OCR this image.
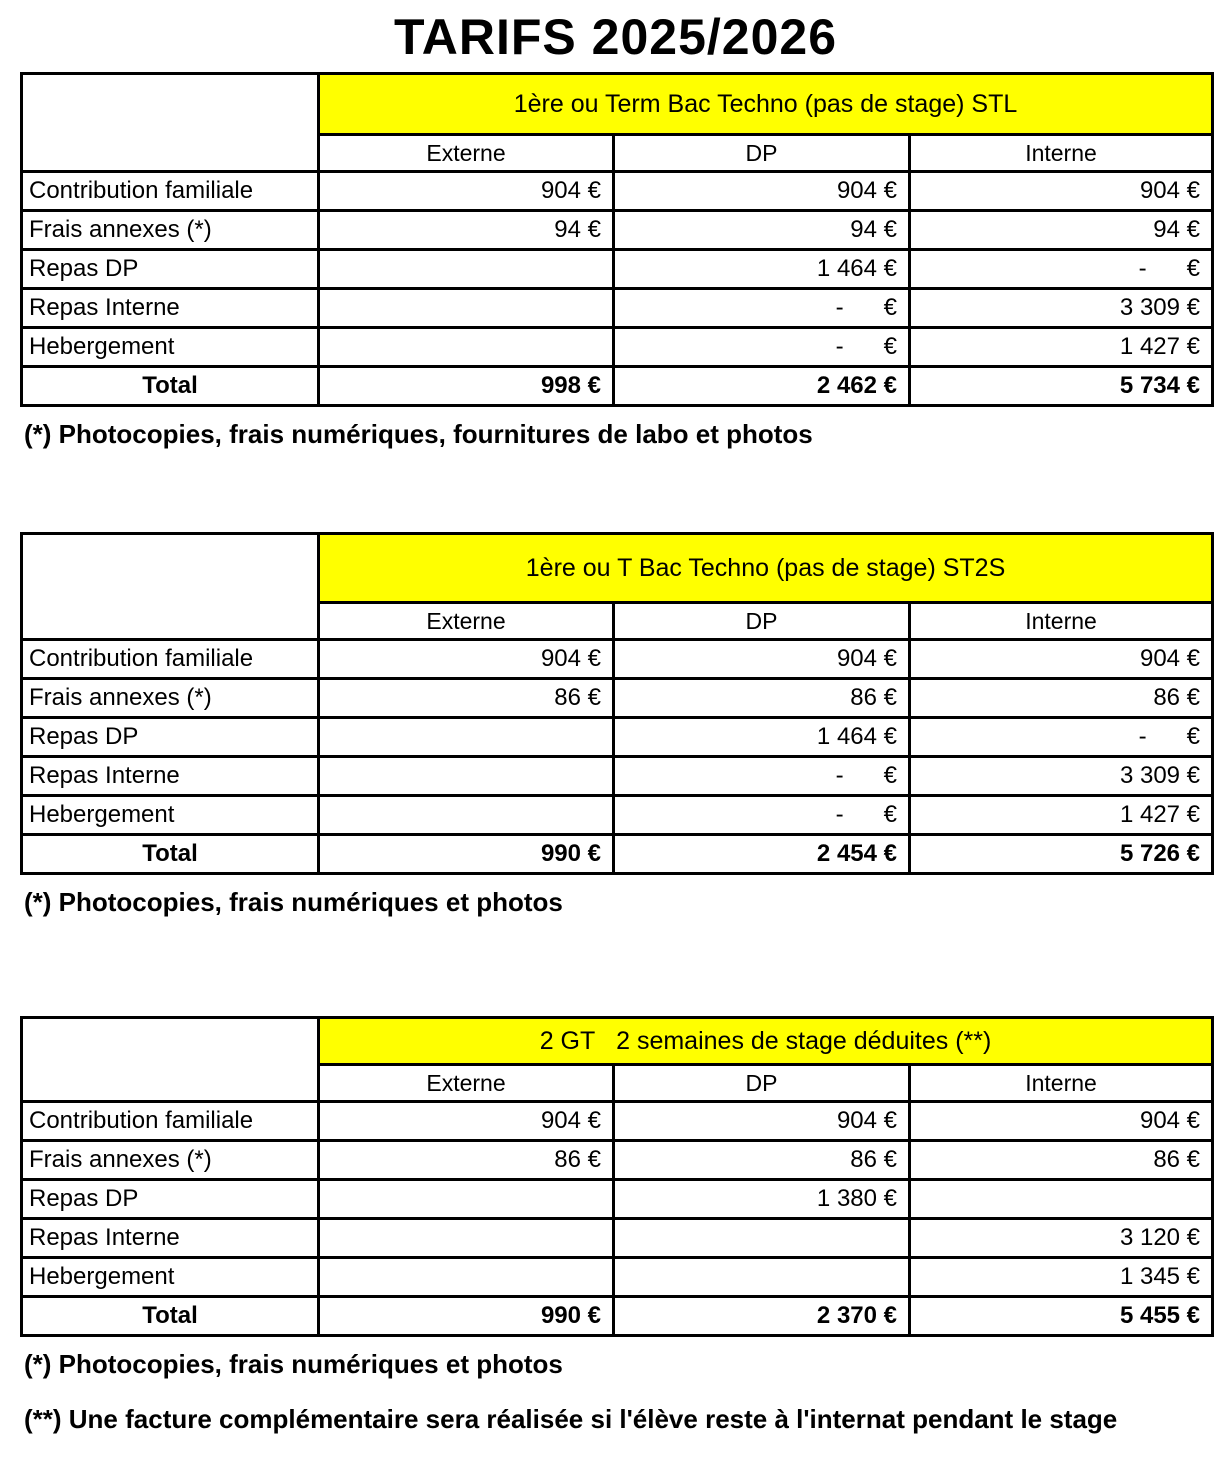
TARIFS 2025/2026
	1ère ou Term Bac Techno (pas de stage) STL		
	Externe	DP	Interne
Contribution familiale	904 €	904 €	904 €
Frais annexes (*)	94 €	94 €	94 €
Repas DP		1 464 €	-      €
Repas Interne		-      €	3 309 €
Hebergement		-      €	1 427 €
Total	998 €	2 462 €	5 734 €

(*) Photocopies, frais numériques, fournitures de labo et photos

	1ère ou T Bac Techno (pas de stage) ST2S		
	Externe	DP	Interne
Contribution familiale	904 €	904 €	904 €
Frais annexes (*)	86 €	86 €	86 €
Repas DP		1 464 €	-      €
Repas Interne		-      €	3 309 €
Hebergement		-      €	1 427 €
Total	990 €	2 454 €	5 726 €

(*) Photocopies, frais numériques et photos

	2 GT   2 semaines de stage déduites (**)		
	Externe	DP	Interne
Contribution familiale	904 €	904 €	904 €
Frais annexes (*)	86 €	86 €	86 €
Repas DP		1 380 €	
Repas Interne			3 120 €
Hebergement			1 345 €
Total	990 €	2 370 €	5 455 €

(*) Photocopies, frais numériques et photos

(**) Une facture complémentaire sera réalisée si l'élève reste à l'internat pendant le stage
